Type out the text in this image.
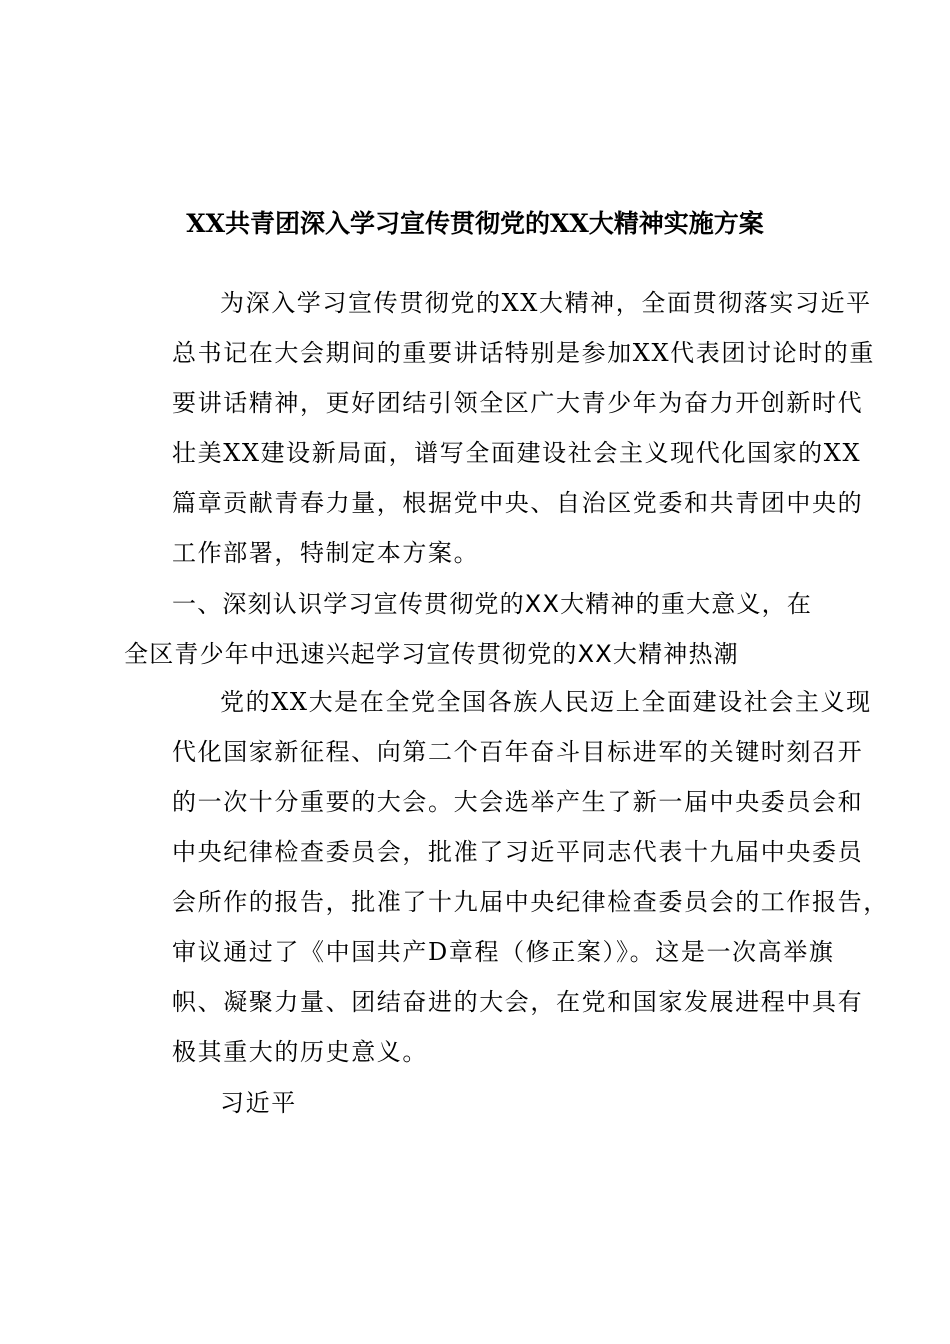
XX共青团深入学习宣传贯彻党的XX大精神实施方案
为深入学习宣传贯彻党的XX大精神，全面贯彻落实习近平
总书记在大会期间的重要讲话特别是参加XX代表团讨论时的重
要讲话精神，更好团结引领全区广大青少年为奋力开创新时代
壮美XX建设新局面，谱写全面建设社会主义现代化国家的XX
篇章贡献青春力量，根据党中央、自治区党委和共青团中央的
工作部署，特制定本方案。
一、深刻认识学习宣传贯彻党的XX大精神的重大意义，在
全区青少年中迅速兴起学习宣传贯彻党的XX大精神热潮
党的XX大是在全党全国各族人民迈上全面建设社会主义现
代化国家新征程、向第二个百年奋斗目标进军的关键时刻召开
的一次十分重要的大会。大会选举产生了新一届中央委员会和
中央纪律检查委员会，批准了习近平同志代表十九届中央委员
会所作的报告，批准了十九届中央纪律检查委员会的工作报告，
审议通过了《中国共产D章程（修正案）》。这是一次高举旗
帜、凝聚力量、团结奋进的大会，在党和国家发展进程中具有
极其重大的历史意义。
习近平
